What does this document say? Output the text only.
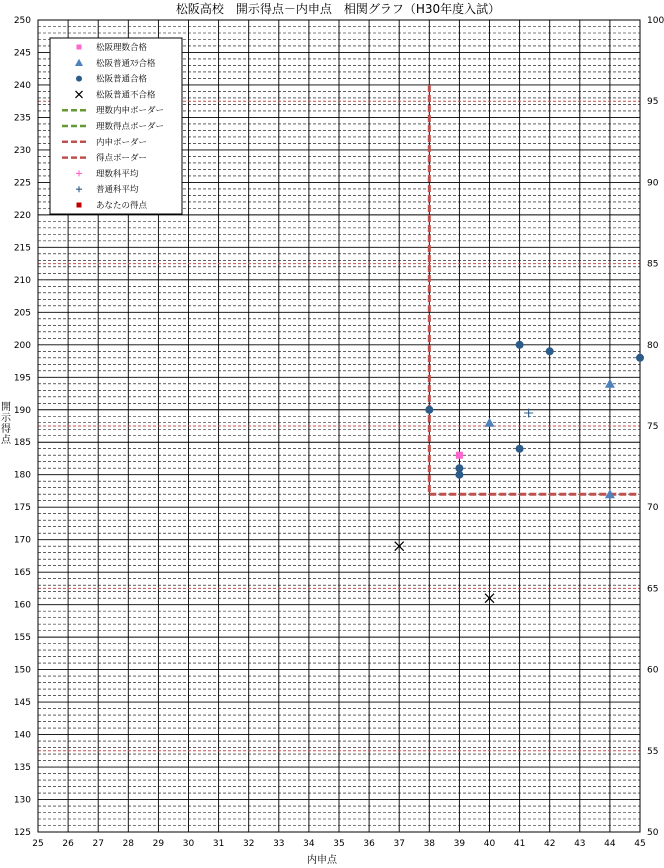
松阪高校　開示得点－内申点　相関グラフ（H30年度入試）
25 26 27 28 29 30 31 32 33 34 35 36 37 38 39 40 41 42 43 44 45
125
130
135
140
145
150
155
160
165
170
175
180
185
190
195
200
205
210
215
220
225
230
235
240
245
250
50
55
60
65
70
75
80
85
90
95
100
内申点
開示得点
松阪理数合格
松阪普通ｽﾗ合格
松阪普通合格
松阪普通不合格
理数内申ボーダー
理数得点ボーダー
内申ボーダー
得点ボーダー
理数科平均
普通科平均
あなたの得点
